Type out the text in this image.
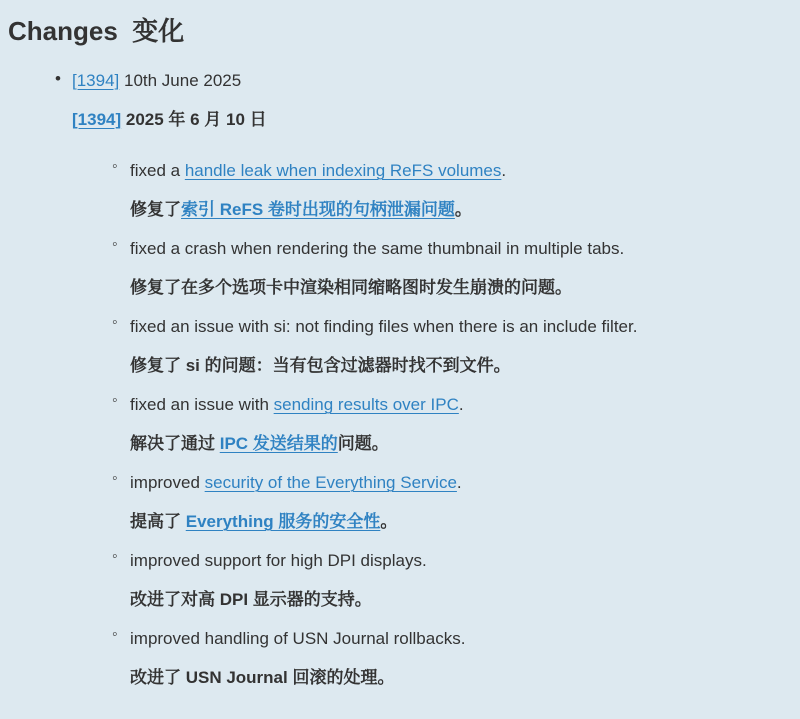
Changes  变化
• [1394] 10th June 2025
[1394] 2025 年 6 月 10 日
◦ fixed a handle leak when indexing ReFS volumes.
修复了索引 ReFS 卷时出现的句柄泄漏问题。
◦ fixed a crash when rendering the same thumbnail in multiple tabs.
修复了在多个选项卡中渲染相同缩略图时发生崩溃的问题。
◦ fixed an issue with si: not finding files when there is an include filter.
修复了 si 的问题：当有包含过滤器时找不到文件。
◦ fixed an issue with sending results over IPC.
解决了通过 IPC 发送结果的问题。
◦ improved security of the Everything Service.
提高了 Everything 服务的安全性。
◦ improved support for high DPI displays.
改进了对高 DPI 显示器的支持。
◦ improved handling of USN Journal rollbacks.
改进了 USN Journal 回滚的处理。
